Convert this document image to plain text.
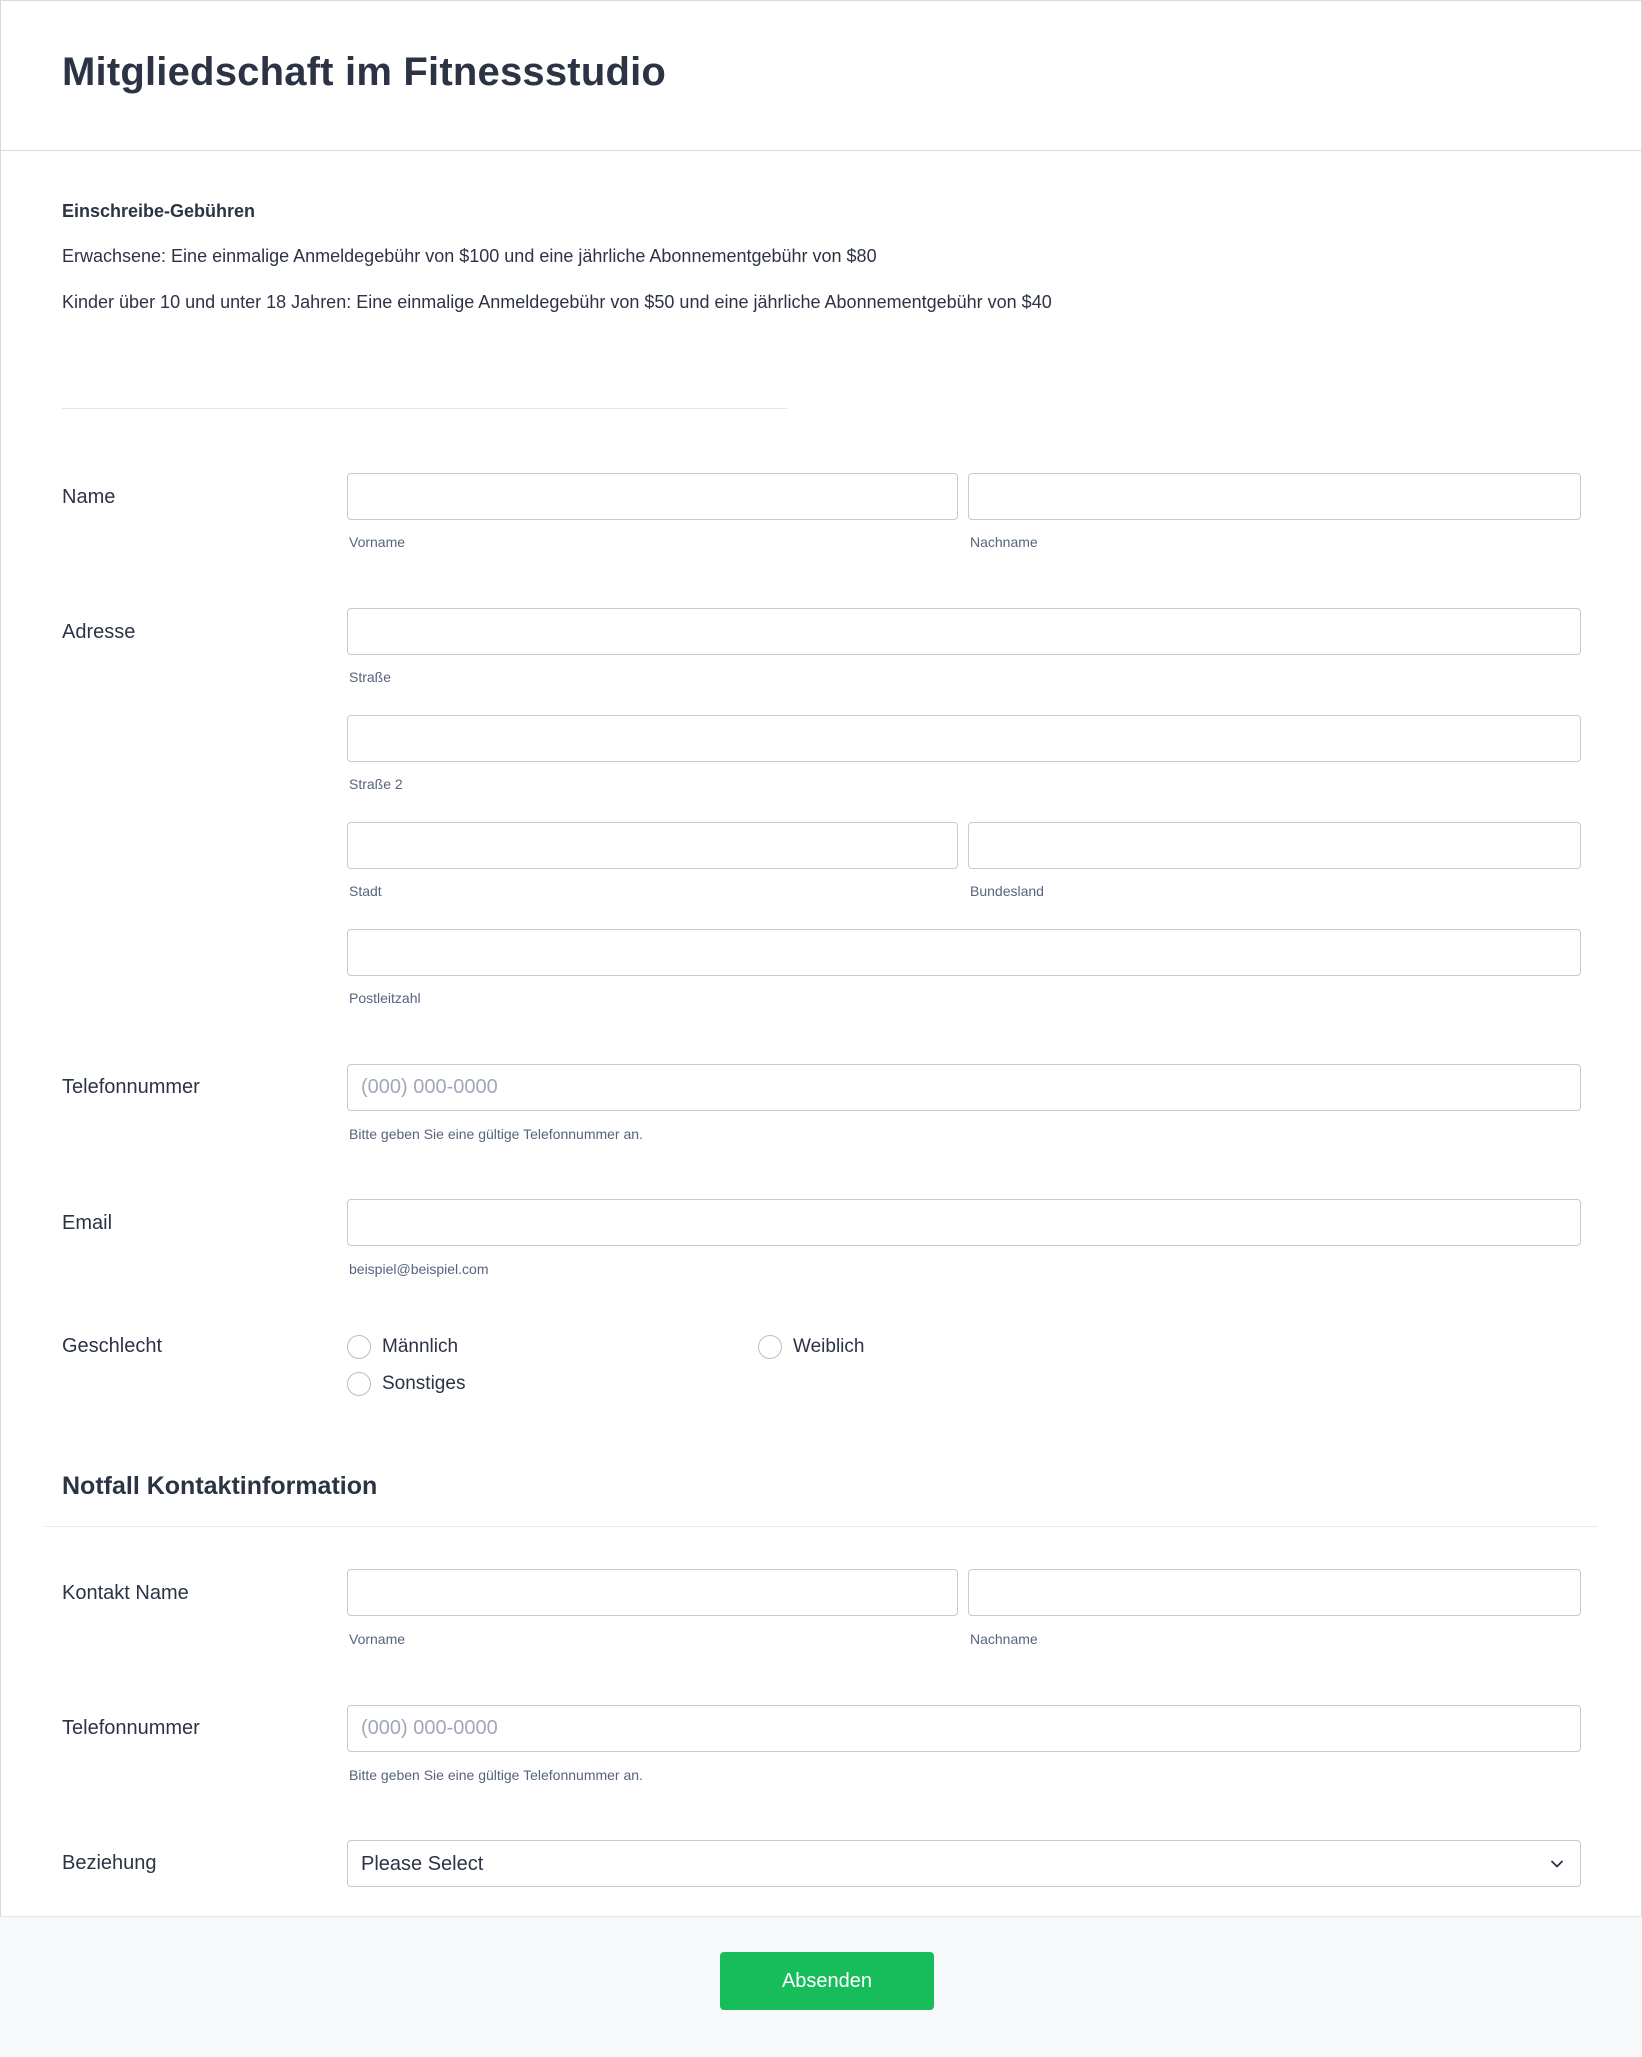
Mitgliedschaft im Fitnessstudio
Einschreibe-Gebühren
Erwachsene: Eine einmalige Anmeldegebühr von $100 und eine jährliche Abonnementgebühr von $80
Kinder über 10 und unter 18 Jahren: Eine einmalige Anmeldegebühr von $50 und eine jährliche Abonnementgebühr von $40
Name
Vorname	Nachname
Adresse
Straße
Straße 2
Stadt	Bundesland
Postleitzahl
Telefonnummer
(000) 000-0000
Bitte geben Sie eine gültige Telefonnummer an.
Email
beispiel@beispiel.com
Geschlecht	Männlich	Weiblich
Sonstiges
Notfall Kontaktinformation
Kontakt Name
Vorname	Nachname
Telefonnummer
(000) 000-0000
Bitte geben Sie eine gültige Telefonnummer an.
Beziehung	Please Select
Absenden
